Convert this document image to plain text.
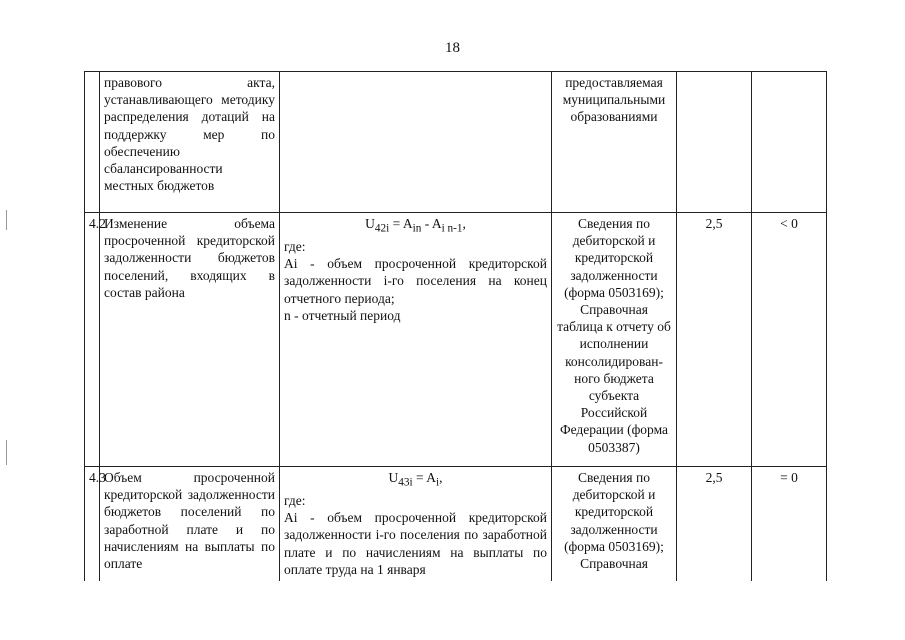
18
	правового акта, устанавливающего методику распределения дотаций на поддержку мер по обеспечению сбалансированности местных бюджетов		предоставляемая муниципальными образованиями		
4.2	Изменение объема просроченной кредиторской задолженности бюджетов поселений, входящих в состав района	$U_{42i} = A_{in} - A_{i n-1}$,
где:
Ai - объем просроченной кредиторской задолженности i-го поселения на конец отчетного периода;
n - отчетный период	Сведения по дебиторской и кредиторской задолженности (форма 0503169); Справочная таблица к отчету об исполнении консолидирован-ного бюджета субъекта Российской Федерации (форма 0503387)	2,5	< 0
4.3	Объем просроченной кредиторской задолженности бюджетов поселений по заработной плате и по начислениям на выплаты по оплате	$U_{43i} = A_i$,
где:
Ai - объем просроченной кредиторской задолженности i-го поселения по заработной плате и по начислениям на выплаты по оплате труда на 1 января	Сведения по дебиторской и кредиторской задолженности (форма 0503169); Справочная	2,5	= 0
